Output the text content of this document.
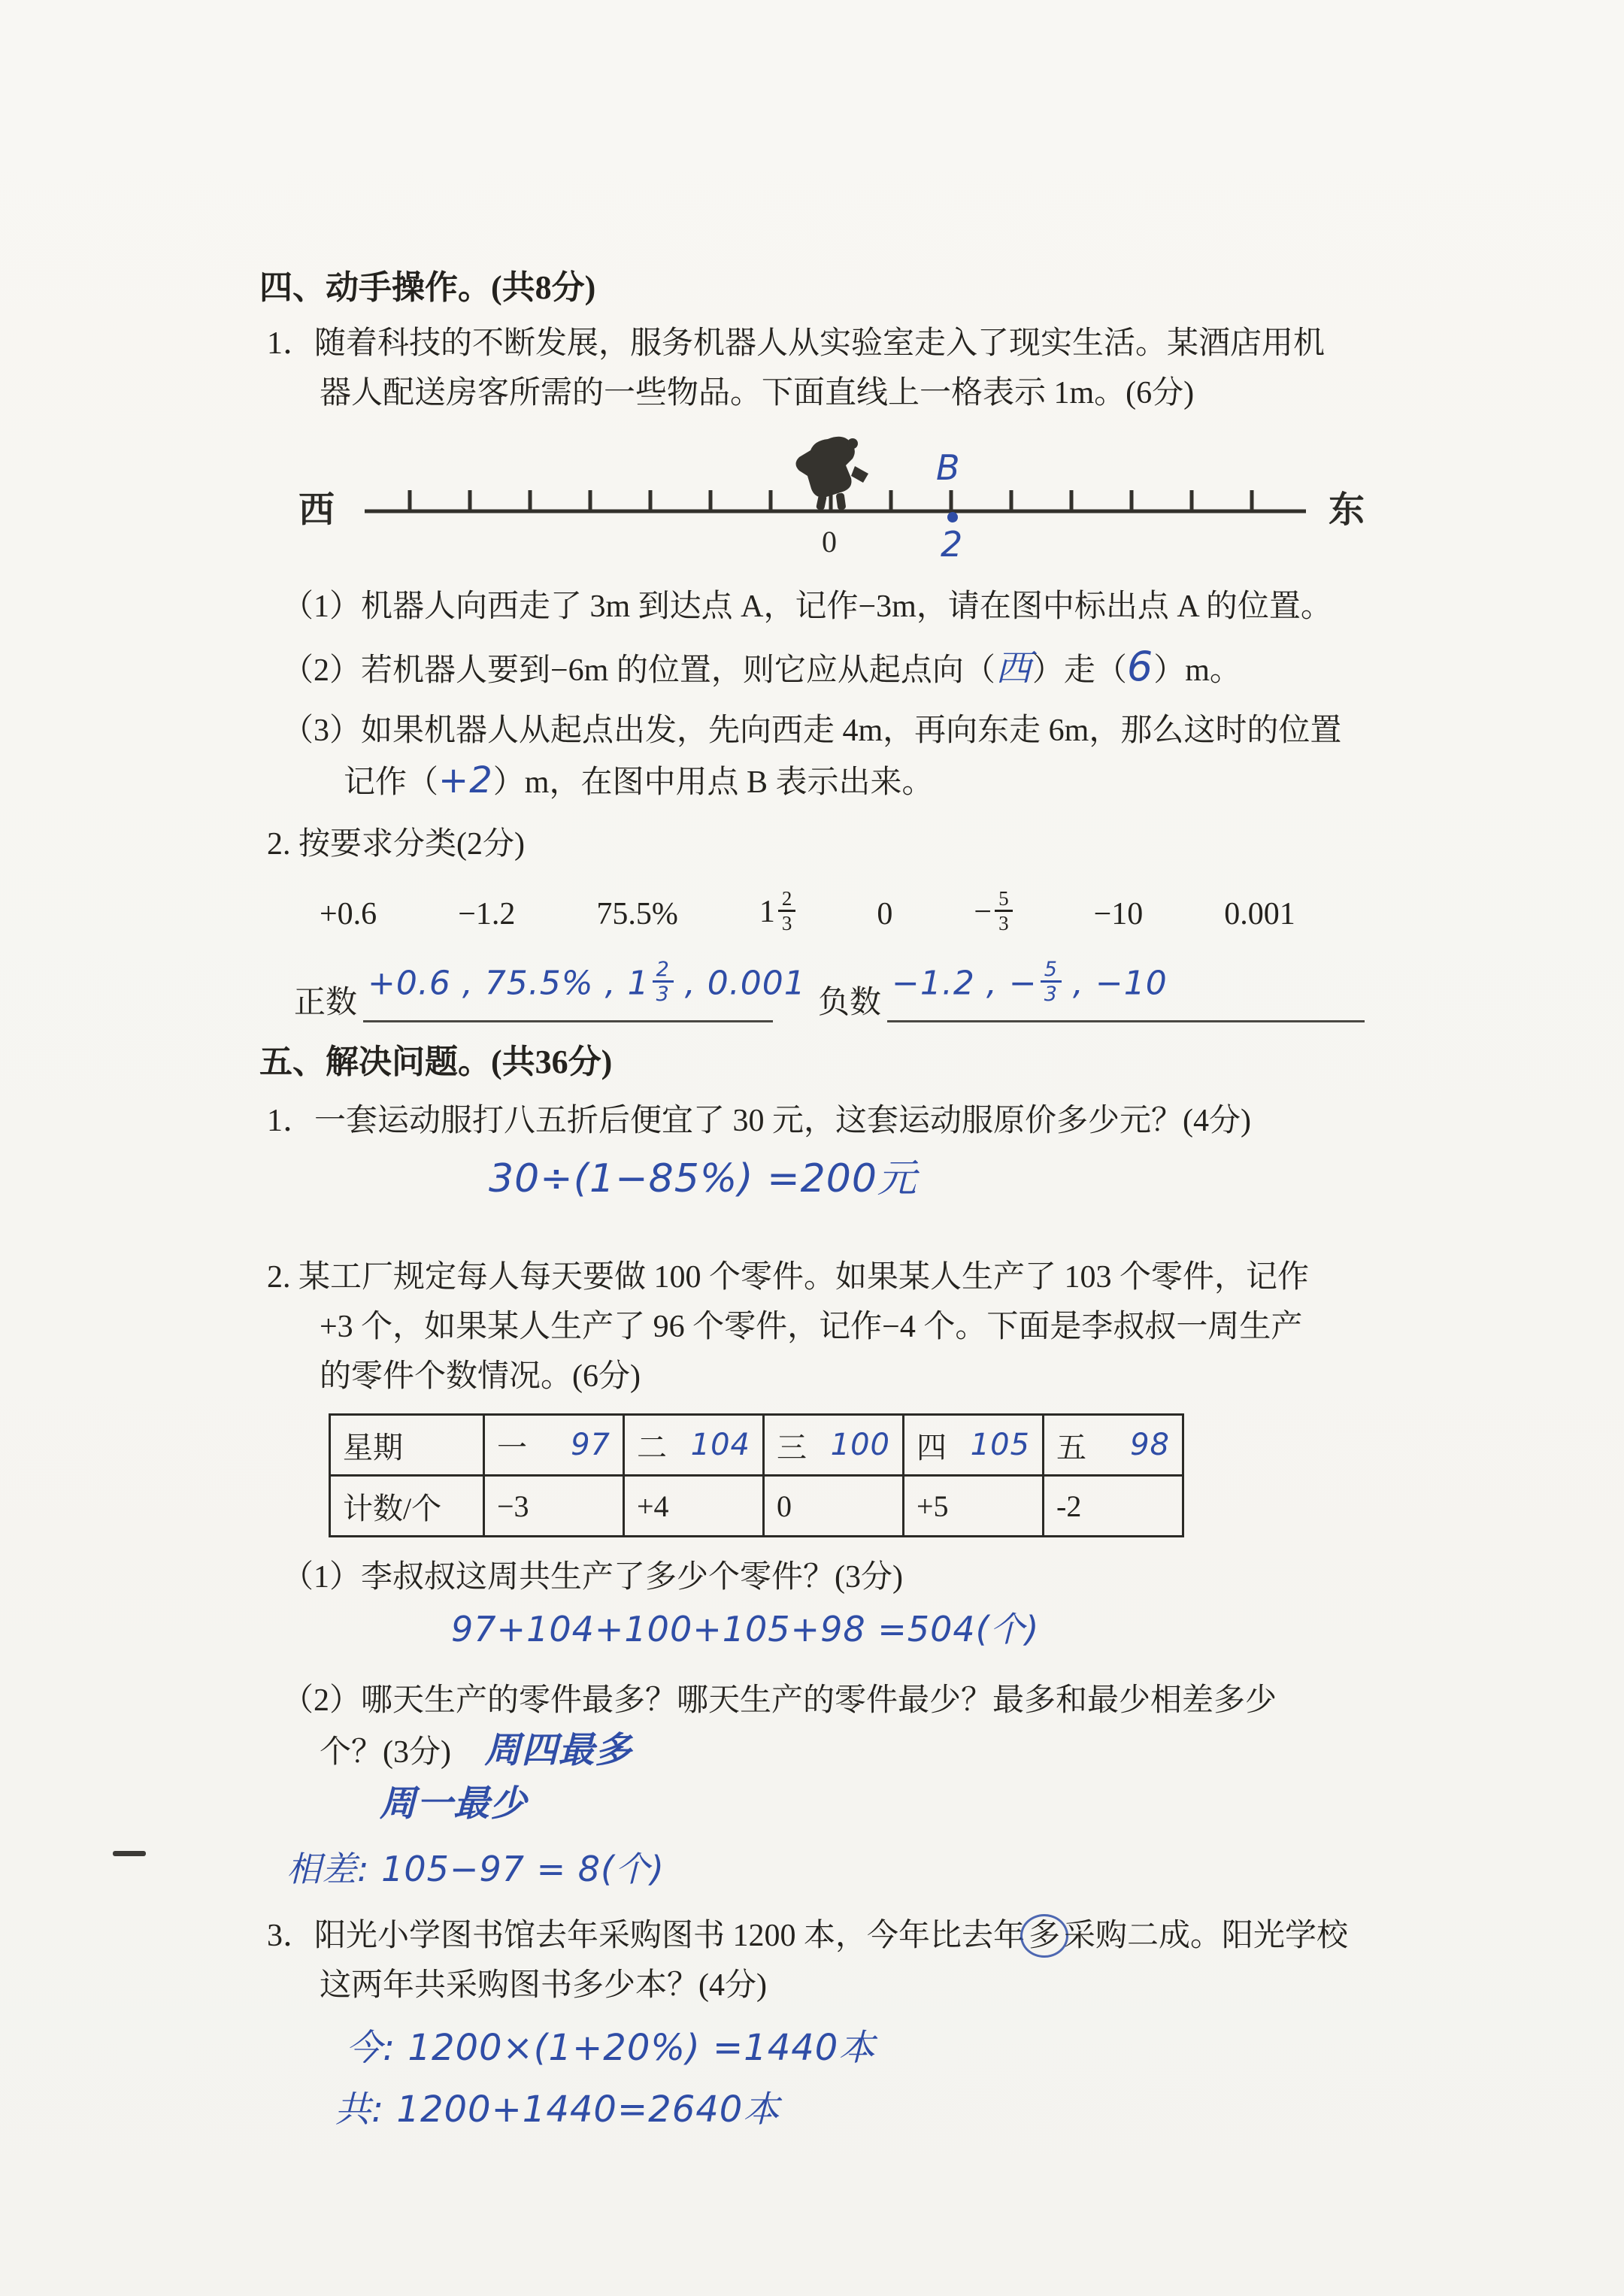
四、动手操作。(共8分)
1．随着科技的不断发展，服务机器人从实验室走入了现实生活。某酒店用机
器人配送房客所需的一些物品。下面直线上一格表示 1m。(6分)
西	东
0	2
B
（1）机器人向西走了 3m 到达点 A，记作−3m，请在图中标出点 A 的位置。
（2）若机器人要到−6m 的位置，则它应从起点向（西）走（6）m。
（3）如果机器人从起点出发，先向西走 4m，再向东走 6m，那么这时的位置
记作（+2）m，在图中用点 B 表示出来。
2. 按要求分类(2分)
+0.6	−1.2	75.5%	$1 \frac{2}{3}$	0	− $\frac{5}{3}$	−10	0.001
正数
+0.6 , 75.5% , $1 \frac{2}{3}$ , 0.001
负数
−1.2 , − $\frac{5}{3}$ , −10
五、解决问题。(共36分)
1．一套运动服打八五折后便宜了 30 元，这套运动服原价多少元？(4分)
30÷(1−85%) =200元
2. 某工厂规定每人每天要做 100 个零件。如果某人生产了 103 个零件，记作
+3 个，如果某人生产了 96 个零件，记作−4 个。下面是李叔叔一周生产
的零件个数情况。(6分)
星期	一 97	二 104	三 100	四 105	五 98

计数/个	−3	+4	0	+5	-2
（1）李叔叔这周共生产了多少个零件？(3分)
97+104+100+105+98 =504(个)
（2）哪天生产的零件最多？哪天生产的零件最少？最多和最少相差多少
个？(3分) 周四最多
周一最少
相差: 105−97 = 8(个)
3．阳光小学图书馆去年采购图书 1200 本，今年比去年 多 采购二成。阳光学校
这两年共采购图书多少本？(4分)
今: 1200×(1+20%) =1440本
共: 1200+1440=2640本
